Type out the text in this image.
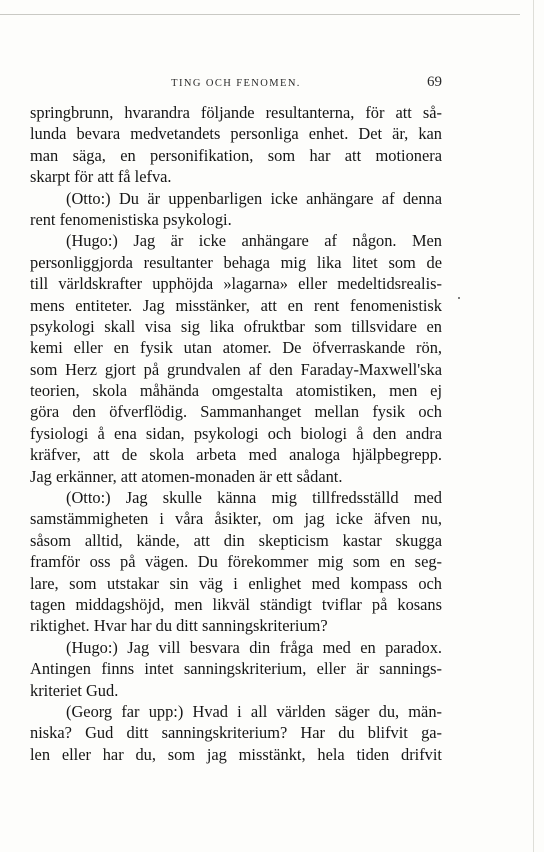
TING OCH FENOMEN.	69
springbrunn, hvarandra följande resultanterna, för att så-
lunda bevara medvetandets personliga enhet. Det är, kan
man säga, en personifikation, som har att motionera
skarpt för att få lefva.
(Otto:) Du är uppenbarligen icke anhängare af denna
rent fenomenistiska psykologi.
(Hugo:) Jag är icke anhängare af någon. Men
personliggjorda resultanter behaga mig lika litet som de
till världskrafter upphöjda »lagarna» eller medeltidsrealis-
mens entiteter. Jag misstänker, att en rent fenomenistisk
psykologi skall visa sig lika ofruktbar som tillsvidare en
kemi eller en fysik utan atomer. De öfverraskande rön,
som Herz gjort på grundvalen af den Faraday-Maxwell'ska
teorien, skola måhända omgestalta atomistiken, men ej
göra den öfverflödig. Sammanhanget mellan fysik och
fysiologi å ena sidan, psykologi och biologi å den andra
kräfver, att de skola arbeta med analoga hjälpbegrepp.
Jag erkänner, att atomen-monaden är ett sådant.
(Otto:) Jag skulle känna mig tillfredsställd med
samstämmigheten i våra åsikter, om jag icke äfven nu,
såsom alltid, kände, att din skepticism kastar skugga
framför oss på vägen. Du förekommer mig som en seg-
lare, som utstakar sin väg i enlighet med kompass och
tagen middagshöjd, men likväl ständigt tviflar på kosans
riktighet. Hvar har du ditt sanningskriterium?
(Hugo:) Jag vill besvara din fråga med en paradox.
Antingen finns intet sanningskriterium, eller är sannings-
kriteriet Gud.
(Georg far upp:) Hvad i all världen säger du, män-
niska? Gud ditt sanningskriterium? Har du blifvit ga-
len eller har du, som jag misstänkt, hela tiden drifvit
